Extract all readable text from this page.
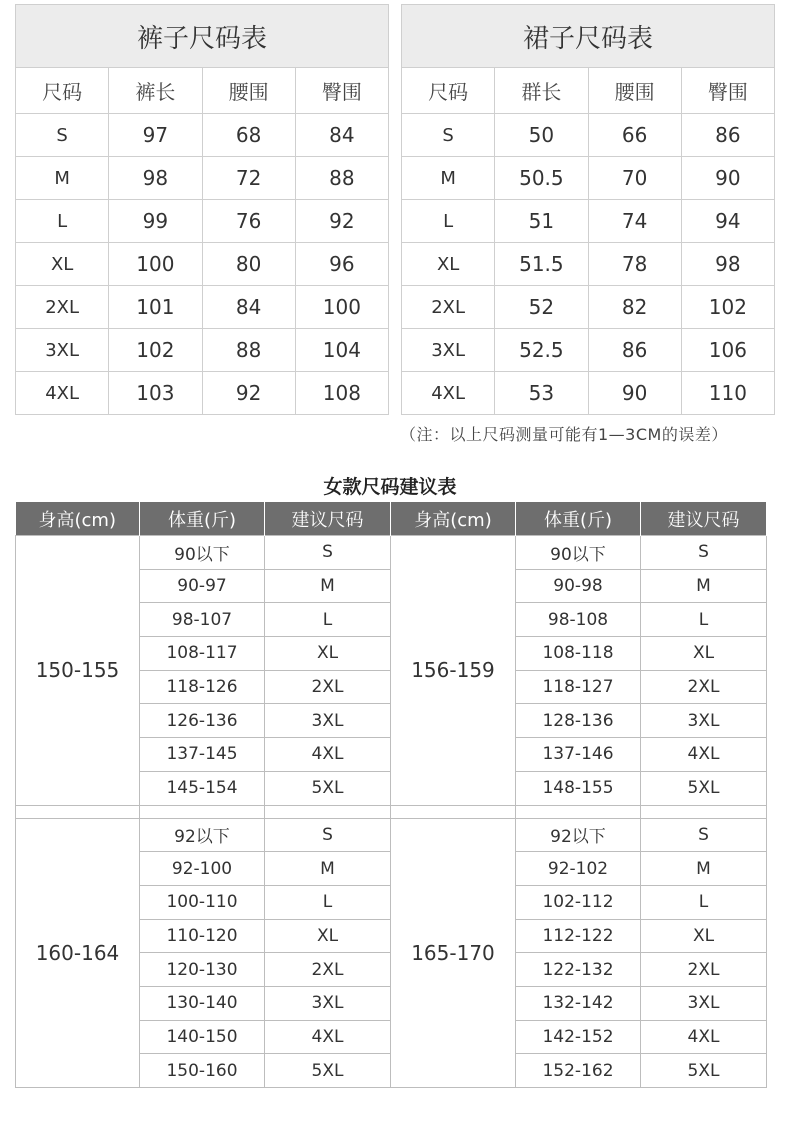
裤子尺码表			
尺码	裤长	腰围	臀围
S	97	68	84
M	98	72	88
L	99	76	92
XL	100	80	96
2XL	101	84	100
3XL	102	88	104
4XL	103	92	108
裙子尺码表			
尺码	群长	腰围	臀围
S	50	66	86
M	50.5	70	90
L	51	74	94
XL	51.5	78	98
2XL	52	82	102
3XL	52.5	86	106
4XL	53	90	110
（注：以上尺码测量可能有1—3CM的误差）
女款尺码建议表
身高(cm)	体重(斤)	建议尺码	身高(cm)	体重(斤)	建议尺码
150-155	90以下	S	156-159	90以下	S
	90-97	M		90-98	M
	98-107	L		98-108	L
	108-117	XL		108-118	XL
	118-126	2XL		118-127	2XL
	126-136	3XL		128-136	3XL
	137-145	4XL		137-146	4XL
	145-154	5XL		148-155	5XL

160-164	92以下	S	165-170	92以下	S
	92-100	M		92-102	M
	100-110	L		102-112	L
	110-120	XL		112-122	XL
	120-130	2XL		122-132	2XL
	130-140	3XL		132-142	3XL
	140-150	4XL		142-152	4XL
	150-160	5XL		152-162	5XL
